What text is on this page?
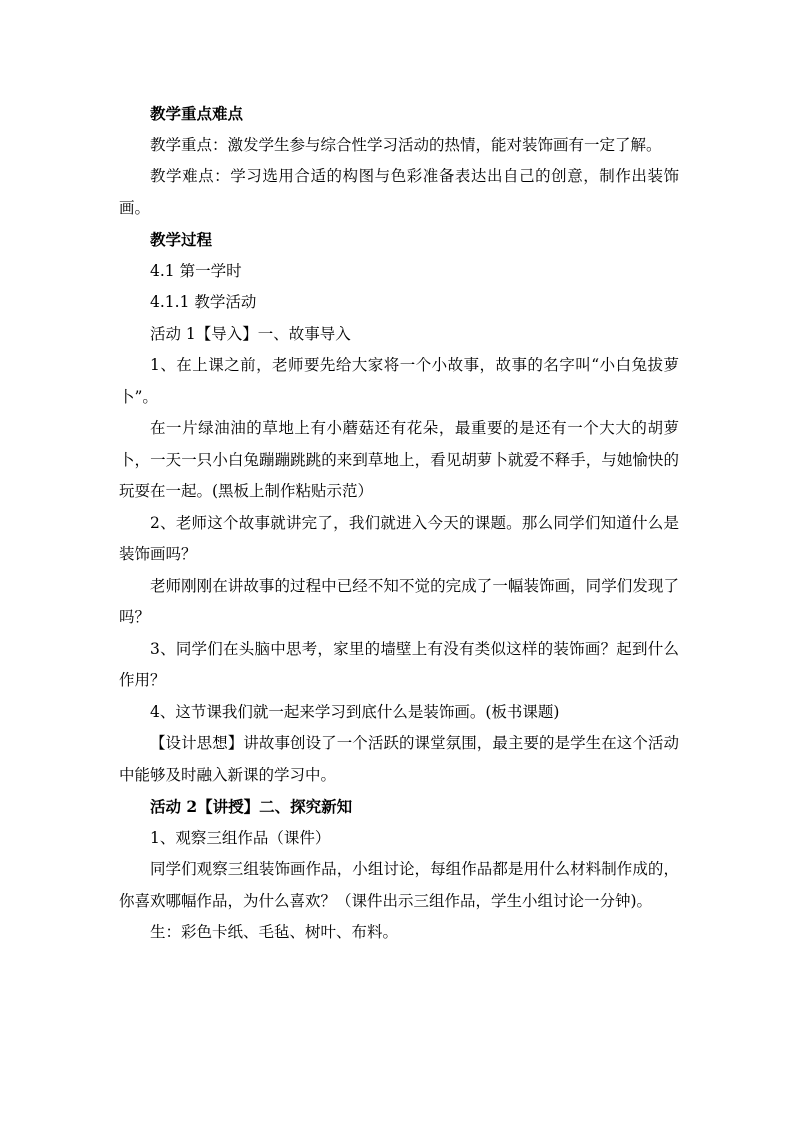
教学重点难点

教学重点：激发学生参与综合性学习活动的热情，能对装饰画有一定了解。

教学难点：学习选用合适的构图与色彩准备表达出自己的创意，制作出装饰画。

教学过程

4.1 第一学时

4.1.1 教学活动

活动 1【导入】一、故事导入

1、在上课之前，老师要先给大家将一个小故事，故事的名字叫“小白兔拔萝卜”。

在一片绿油油的草地上有小蘑菇还有花朵，最重要的是还有一个大大的胡萝卜，一天一只小白兔蹦蹦跳跳的来到草地上，看见胡萝卜就爱不释手，与她愉快的玩耍在一起。(黑板上制作粘贴示范）

2、老师这个故事就讲完了，我们就进入今天的课题。那么同学们知道什么是装饰画吗？

老师刚刚在讲故事的过程中已经不知不觉的完成了一幅装饰画，同学们发现了吗？

3、同学们在头脑中思考，家里的墙壁上有没有类似这样的装饰画？起到什么作用？

4、这节课我们就一起来学习到底什么是装饰画。(板书课题)

【设计思想】讲故事创设了一个活跃的课堂氛围，最主要的是学生在这个活动中能够及时融入新课的学习中。

活动 2【讲授】二、探究新知

1、观察三组作品（课件）

同学们观察三组装饰画作品，小组讨论，每组作品都是用什么材料制作成的，你喜欢哪幅作品，为什么喜欢？（课件出示三组作品，学生小组讨论一分钟)。

生：彩色卡纸、毛毡、树叶、布料。
